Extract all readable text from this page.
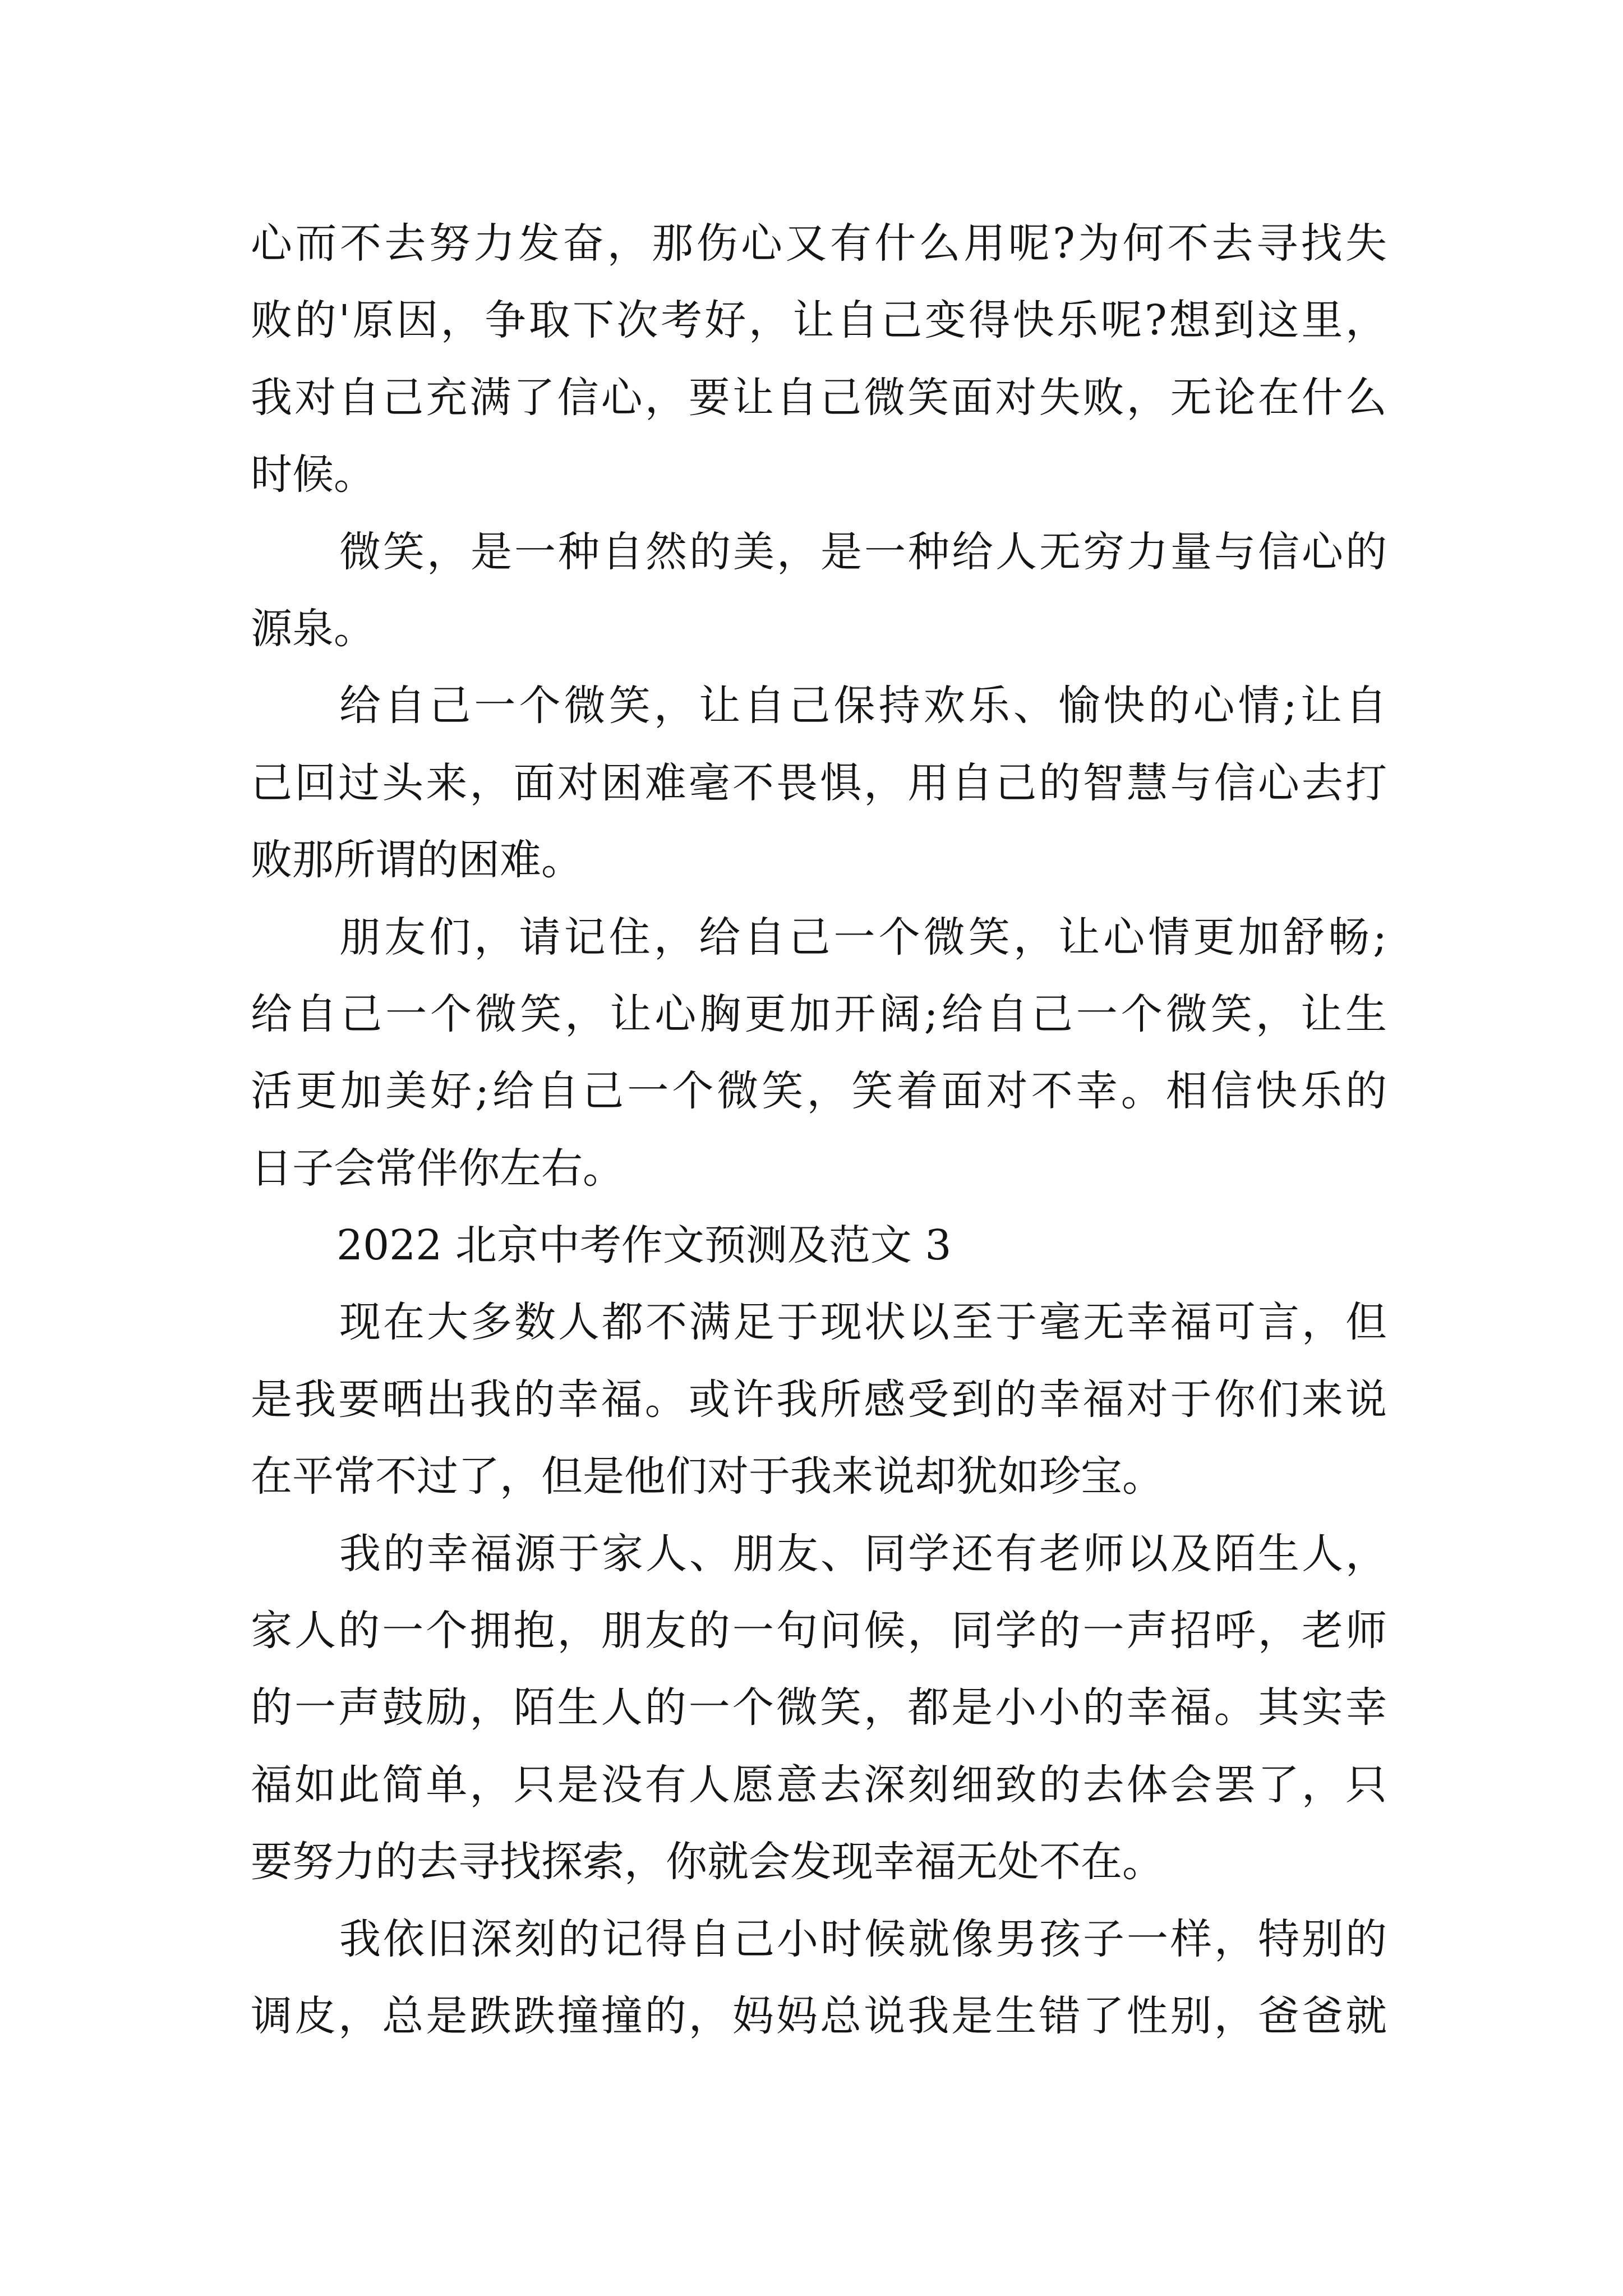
心而不去努力发奋，那伤心又有什么用呢?为何不去寻找失
败的'原因，争取下次考好，让自己变得快乐呢?想到这里，
我对自己充满了信心，要让自己微笑面对失败，无论在什么
时候。
微笑，是一种自然的美，是一种给人无穷力量与信心的
源泉。
给自己一个微笑，让自己保持欢乐、愉快的心情;让自
己回过头来，面对困难毫不畏惧，用自己的智慧与信心去打
败那所谓的困难。
朋友们，请记住，给自己一个微笑，让心情更加舒畅;
给自己一个微笑，让心胸更加开阔;给自己一个微笑，让生
活更加美好;给自己一个微笑，笑着面对不幸。相信快乐的
日子会常伴你左右。
2022 北京中考作文预测及范文 3
现在大多数人都不满足于现状以至于毫无幸福可言，但
是我要晒出我的幸福。或许我所感受到的幸福对于你们来说
在平常不过了，但是他们对于我来说却犹如珍宝。
我的幸福源于家人、朋友、同学还有老师以及陌生人，
家人的一个拥抱，朋友的一句问候，同学的一声招呼，老师
的一声鼓励，陌生人的一个微笑，都是小小的幸福。其实幸
福如此简单，只是没有人愿意去深刻细致的去体会罢了，只
要努力的去寻找探索，你就会发现幸福无处不在。
我依旧深刻的记得自己小时候就像男孩子一样，特别的
调皮，总是跌跌撞撞的，妈妈总说我是生错了性别，爸爸就
